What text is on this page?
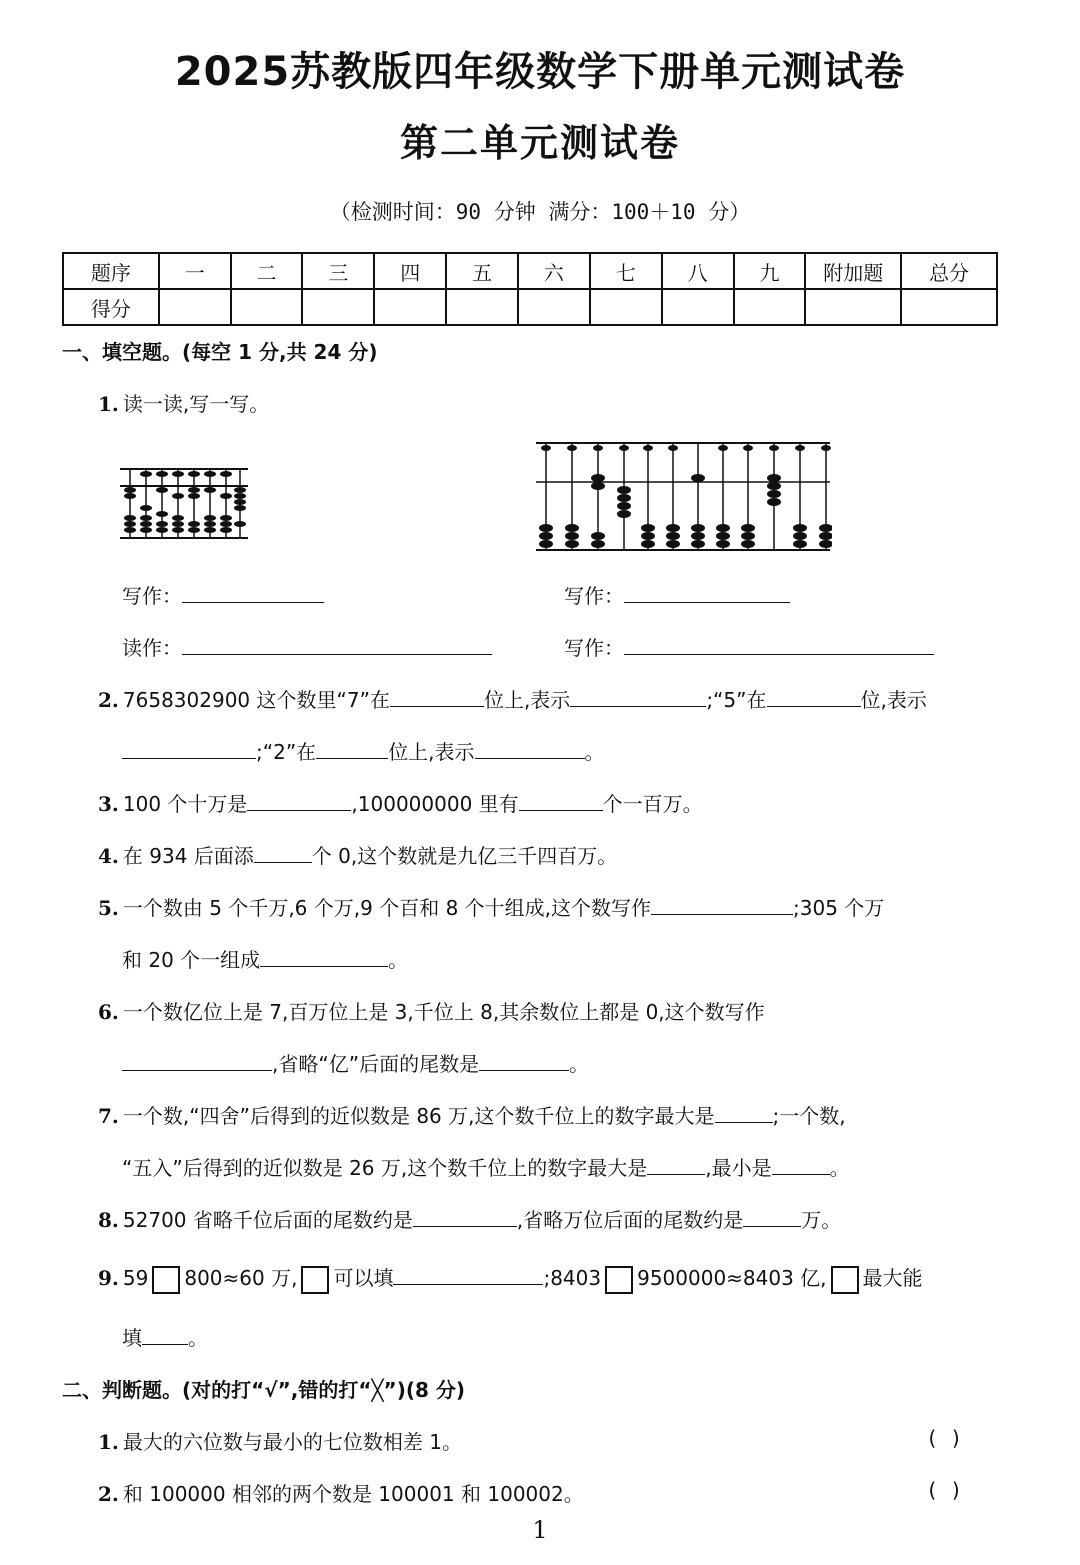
2025苏教版四年级数学下册单元测试卷
第二单元测试卷
（检测时间：90 分钟 满分：100＋10 分）
题序	一	二	三	四	五	六	七	八	九	附加题	总分
得分											
一、填空题。(每空 1 分,共 24 分)
1. 读一读,写一写。
写作：	写作：
读作：	写作：
2. 7658302900 这个数里“7”在	位上,表示	;“5”在	位,表示
;“2”在	位上,表示	。
3. 100 个十万是	,100000000 里有	个一百万。
4. 在 934 后面添	个 0,这个数就是九亿三千四百万。
5. 一个数由 5 个千万,6 个万,9 个百和 8 个十组成,这个数写作	;305 个万
和 20 个一组成	。
6. 一个数亿位上是 7,百万位上是 3,千位上 8,其余数位上都是 0,这个数写作
,省略“亿”后面的尾数是	。
7. 一个数,“四舍”后得到的近似数是 86 万,这个数千位上的数字最大是	;一个数,
“五入”后得到的近似数是 26 万,这个数千位上的数字最大是	,最小是	。
8. 52700 省略千位后面的尾数约是	,省略万位后面的尾数约是	万。
9. 59 800≈60 万, 可以填	;8403 9500000≈8403 亿, 最大能
填 。
二、判断题。(对的打“√”,错的打“╳”)(8 分)
1. 最大的六位数与最小的七位数相差 1。	( )
2. 和 100000 相邻的两个数是 100001 和 100002。	( )
1
